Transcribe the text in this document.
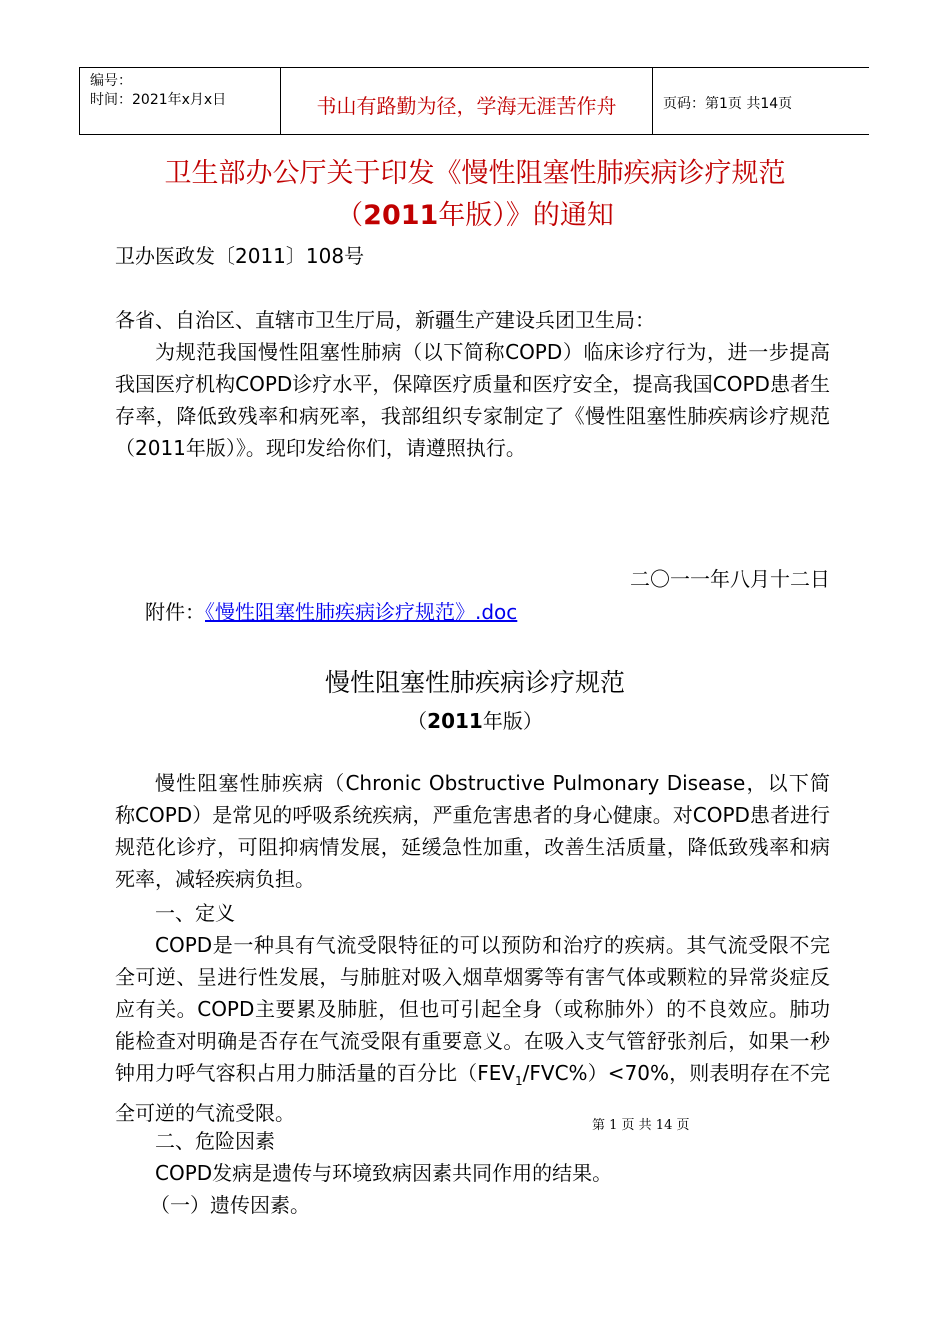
编号：
时间：2021年x月x日	书山有路勤为径，学海无涯苦作舟	页码：第1页 共14页
卫生部办公厅关于印发《慢性阻塞性肺疾病诊疗规范
（2011年版）》的通知
卫办医政发〔2011〕108号
各省、自治区、直辖市卫生厅局，新疆生产建设兵团卫生局：
为规范我国慢性阻塞性肺病（以下简称COPD）临床诊疗行为，进一步提高我国医疗机构COPD诊疗水平，保障医疗质量和医疗安全，提高我国COPD患者生存率，降低致残率和病死率，我部组织专家制定了《慢性阻塞性肺疾病诊疗规范（2011年版）》。现印发给你们，请遵照执行。
二〇一一年八月十二日
附件：《慢性阻塞性肺疾病诊疗规范》.doc
慢性阻塞性肺疾病诊疗规范
（2011年版）
慢性阻塞性肺疾病（Chronic Obstructive Pulmonary Disease，以下简称COPD）是常见的呼吸系统疾病，严重危害患者的身心健康。对COPD患者进行规范化诊疗，可阻抑病情发展，延缓急性加重，改善生活质量，降低致残率和病死率，减轻疾病负担。
一、定义
COPD是一种具有气流受限特征的可以预防和治疗的疾病。其气流受限不完全可逆、呈进行性发展，与肺脏对吸入烟草烟雾等有害气体或颗粒的异常炎症反应有关。COPD主要累及肺脏，但也可引起全身（或称肺外）的不良效应。肺功能检查对明确是否存在气流受限有重要意义。在吸入支气管舒张剂后，如果一秒钟用力呼气容积占用力肺活量的百分比$(FEV_1/FVC\%)<70\%$，则表明存在不完全可逆的气流受限。
二、危险因素
COPD发病是遗传与环境致病因素共同作用的结果。
（一）遗传因素。
第 1 页 共 14 页
